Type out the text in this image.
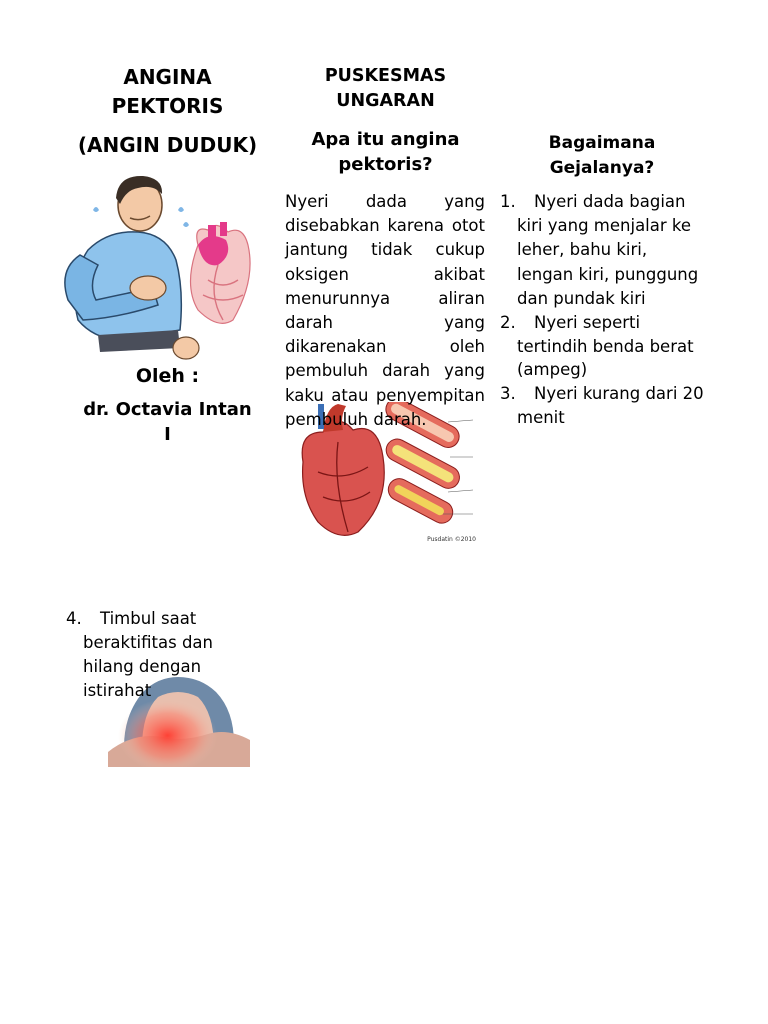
ANGINA
PEKTORIS
(ANGIN DUDUK)
Oleh :
dr. Octavia Intan
I
PUSKESMAS
UNGARAN
Apa itu angina
pektoris?
Pusdatin ©2010
Nyeri dada yang disebabkan karena otot jantung tidak cukup oksigen akibat menurunnya aliran darah yang dikarenakan oleh pembuluh darah yang kaku atau penyempitan pembuluh darah.
Bagaimana
Gejalanya?
1.	Nyeri dada bagian kiri yang menjalar ke leher, bahu kiri, lengan kiri, punggung dan pundak kiri
2.	Nyeri seperti tertindih benda berat (ampeg)
3.	Nyeri kurang dari 20 menit
4.	Timbul saat beraktifitas dan hilang dengan istirahat
